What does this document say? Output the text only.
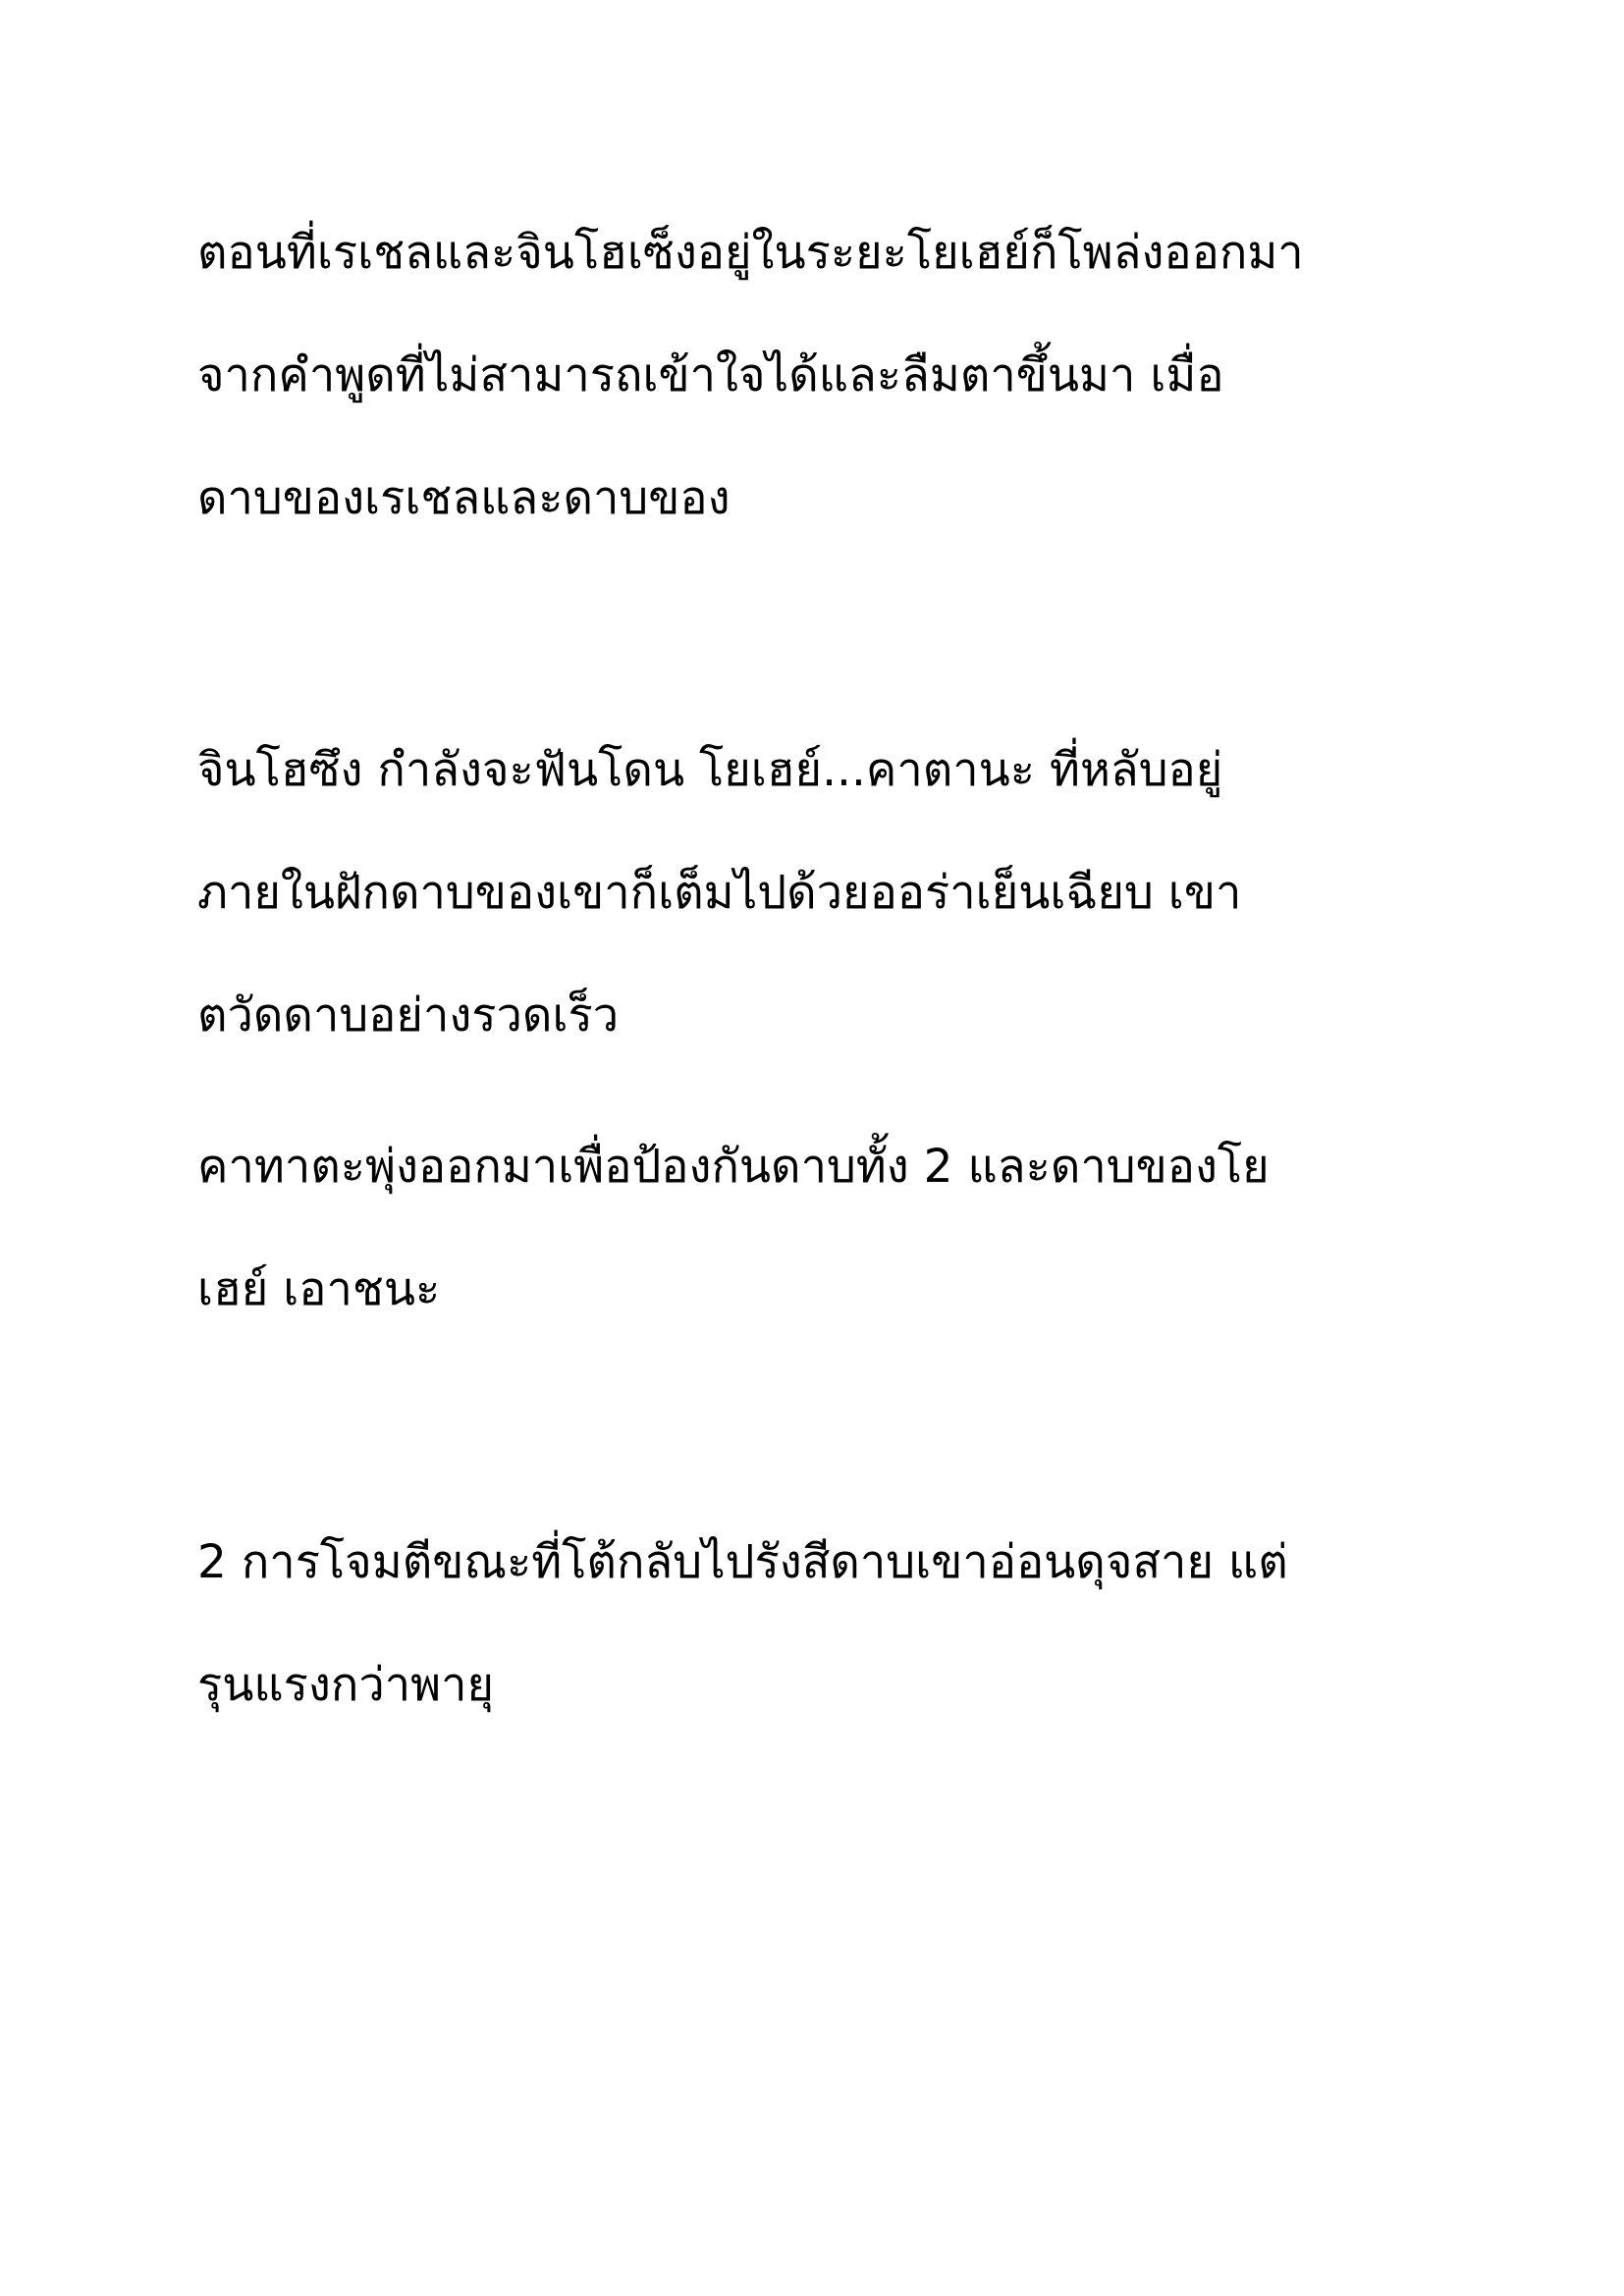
ตอนที่เรเชลและจินโฮเซ็งอยู่ในระยะโยเฮย์ก็โพล่งออกมา

จากคำพูดที่ไม่สามารถเข้าใจได้และลืมตาขึ้นมา เมื่อ

ดาบของเรเชลและดาบของ

จินโฮซึง กำลังจะฟันโดน โยเฮย์...คาตานะ ที่หลับอยู่

ภายในฝักดาบของเขาก็เต็มไปด้วยออร่าเย็นเฉียบ เขา

ตวัดดาบอย่างรวดเร็ว

คาทาตะพุ่งออกมาเพื่อป้องกันดาบทั้ง 2 และดาบของโย

เฮย์ เอาชนะ

2 การโจมตีขณะที่โต้กลับไปรังสีดาบเขาอ่อนดุจสาย แต่

รุนแรงกว่าพายุ
